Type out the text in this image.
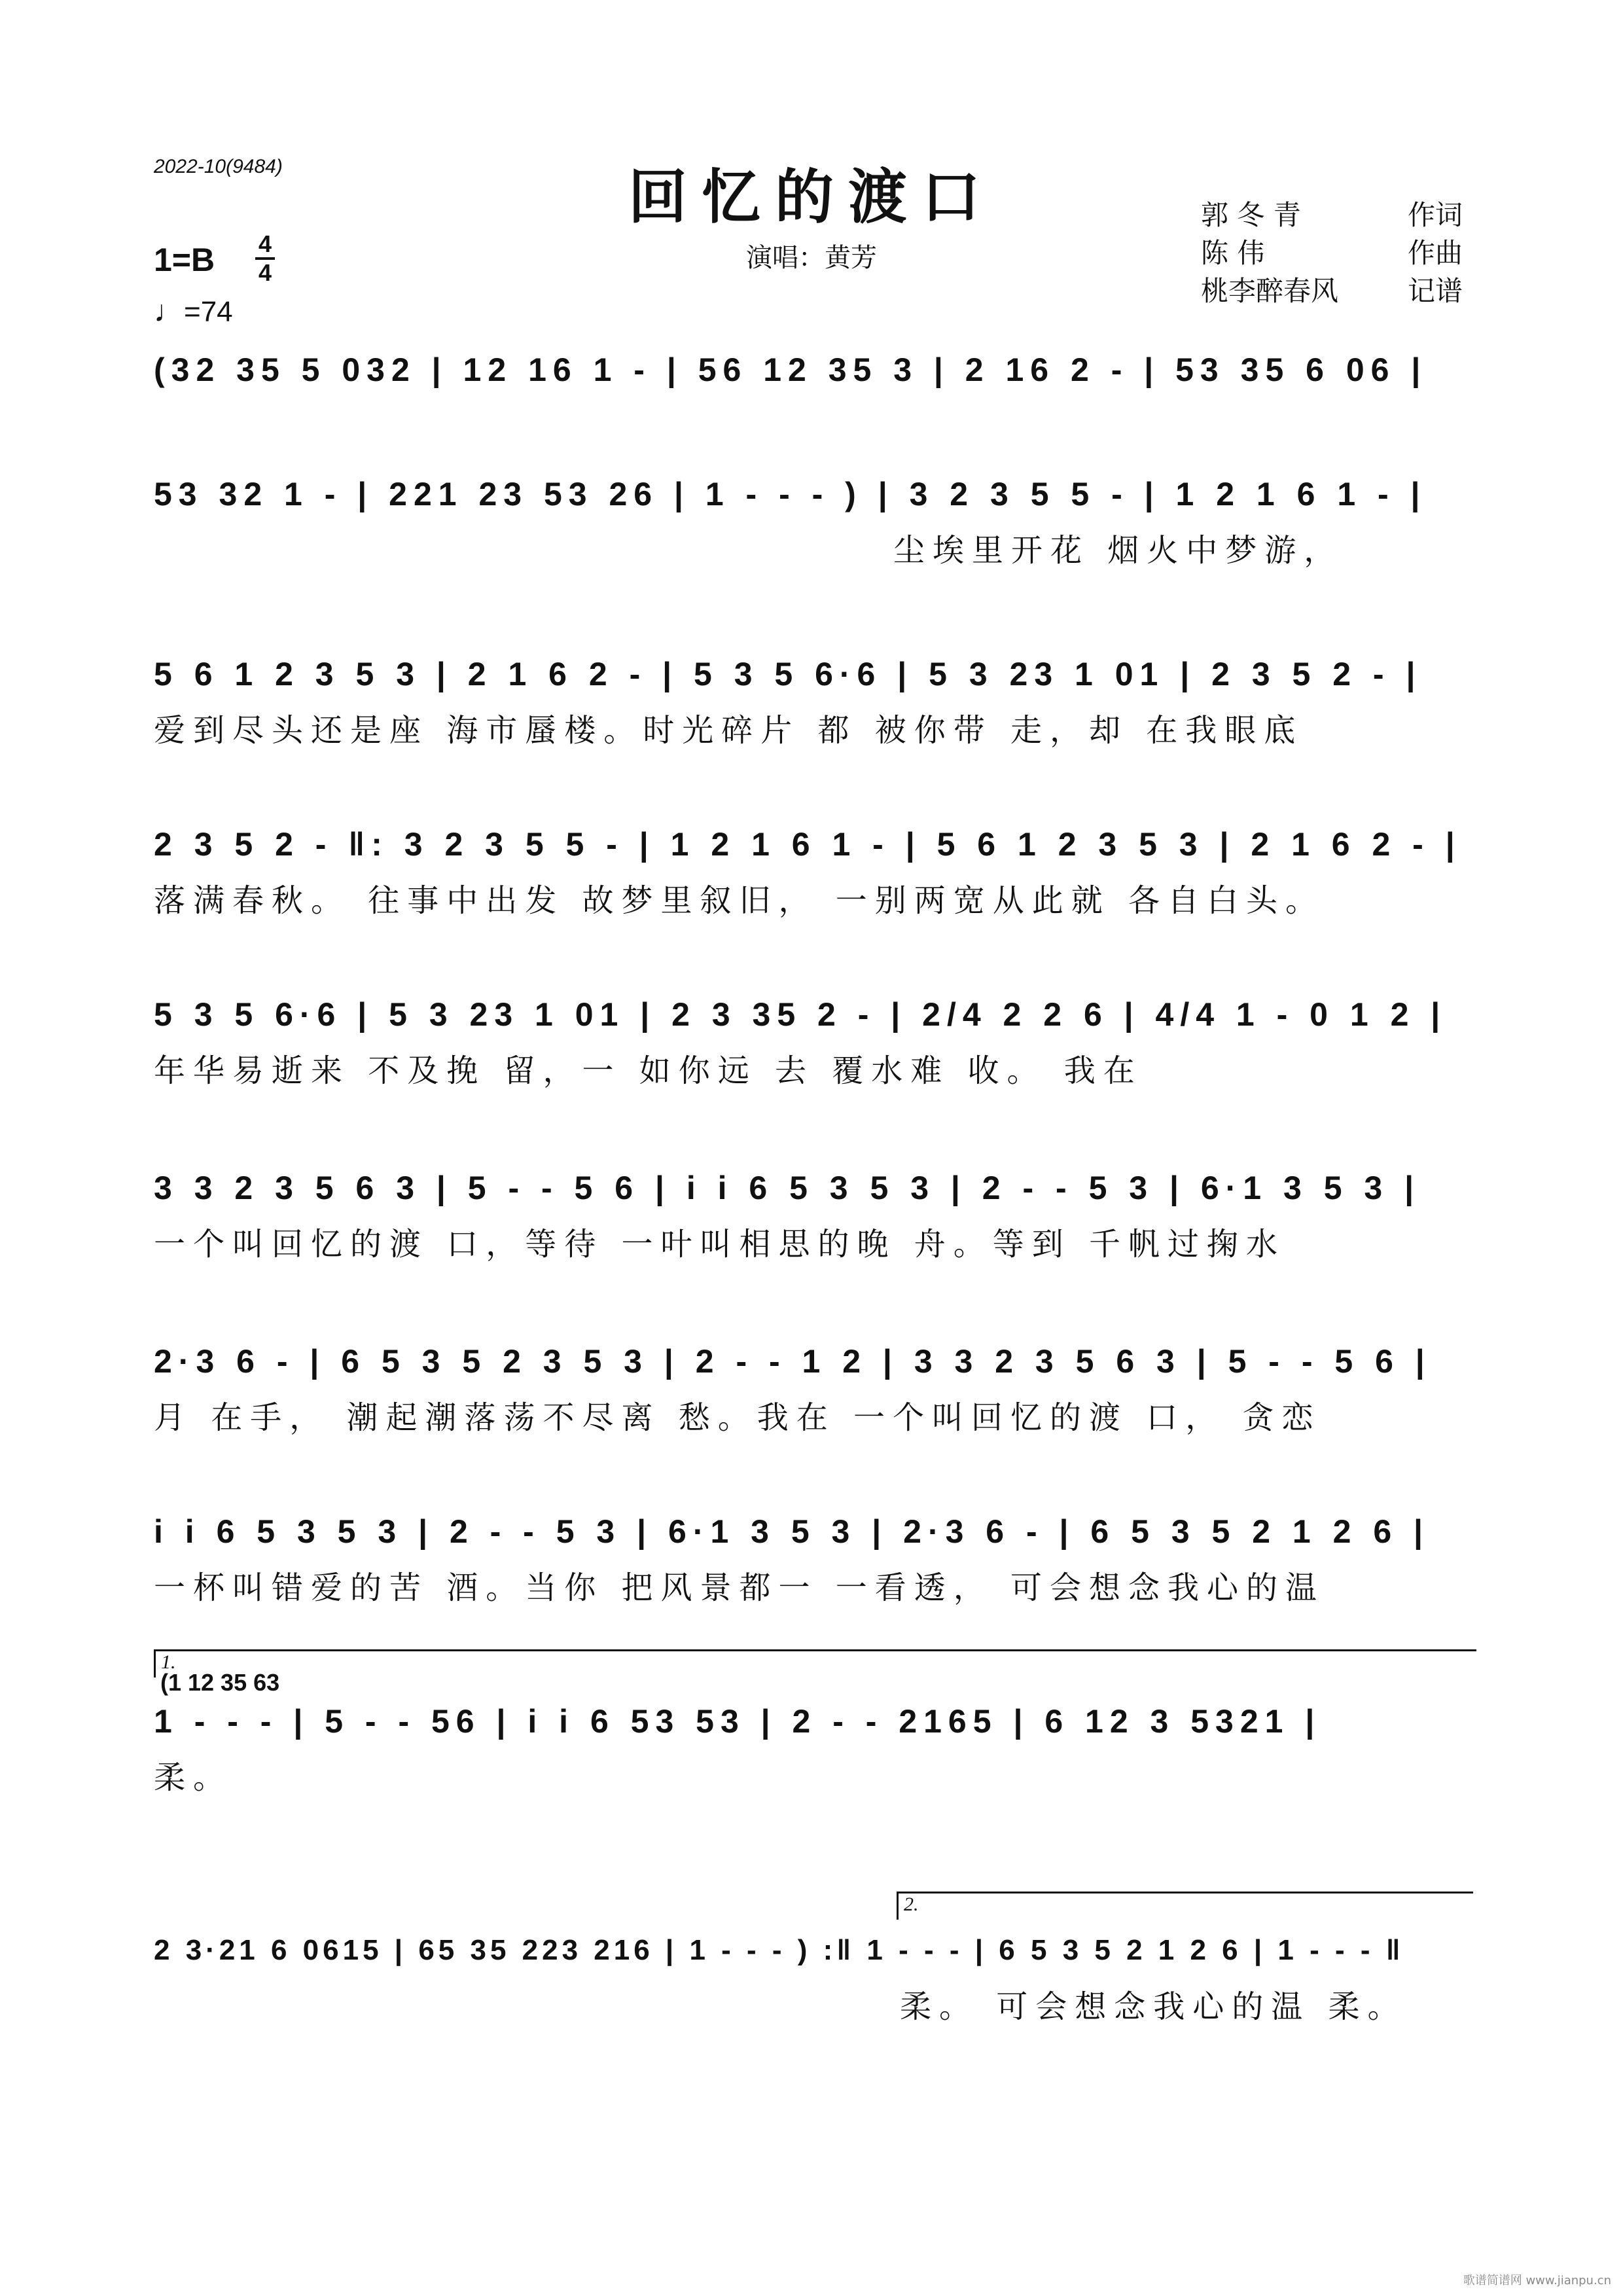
2022-10(9484)	回忆的渡口
演唱：黄芳
郭 冬 青	作词
陈 伟	作曲
桃李醉春风	记谱
1=B 4
4
♩=74
(32 35 5 032 | 12 16 1 - | 56 12 35 3 | 2 16 2 - | 53 35 6 06 |
53 32 1 - | 221 23 53 26 | 1 - - - ) | 3 2 3 5 5 - | 1 2 1 6 1 - |
尘埃里开花 烟火中梦游，
5 6 1 2 3 5 3 | 2 1 6 2 - | 5 3 5 6·6 | 5 3 23 1 01 | 2 3 5 2 - |
爱到尽头还是座 海市蜃楼。时光碎片 都 被你带 走，却 在我眼底
2 3 5 2 - ‖: 3 2 3 5 5 - | 1 2 1 6 1 - | 5 6 1 2 3 5 3 | 2 1 6 2 - |
落满春秋。 往事中出发 故梦里叙旧， 一别两宽从此就 各自白头。
5 3 5 6·6 | 5 3 23 1 01 | 2 3 35 2 - | 2/4 2 2 6 | 4/4 1 - 0 1 2 |
年华易逝来 不及挽 留，一 如你远 去 覆水难 收。 我在
3 3 2 3 5 6 3 | 5 - - 5 6 | i i 6 5 3 5 3 | 2 - - 5 3 | 6·1 3 5 3 |
一个叫回忆的渡 口，等待 一叶叫相思的晚 舟。等到 千帆过掬水
2·3 6 - | 6 5 3 5 2 3 5 3 | 2 - - 1 2 | 3 3 2 3 5 6 3 | 5 - - 5 6 |
月 在手， 潮起潮落荡不尽离 愁。我在 一个叫回忆的渡 口， 贪恋
i i 6 5 3 5 3 | 2 - - 5 3 | 6·1 3 5 3 | 2·3 6 - | 6 5 3 5 2 1 2 6 |
一杯叫错爱的苦 酒。当你 把风景都一 一看透， 可会想念我心的温
1.
(1 12 35 63
1 - - - | 5 - - 56 | i i 6 53 53 | 2 - - 2165 | 6 12 3 5321 |
柔。
2.
2 3·21 6 0615 | 65 35 223 216 | 1 - - - ) :‖ 1 - - - | 6 5 3 5 2 1 2 6 | 1 - - - ‖
柔。 可会想念我心的温 柔。
歌谱简谱网 www.jianpu.cn
